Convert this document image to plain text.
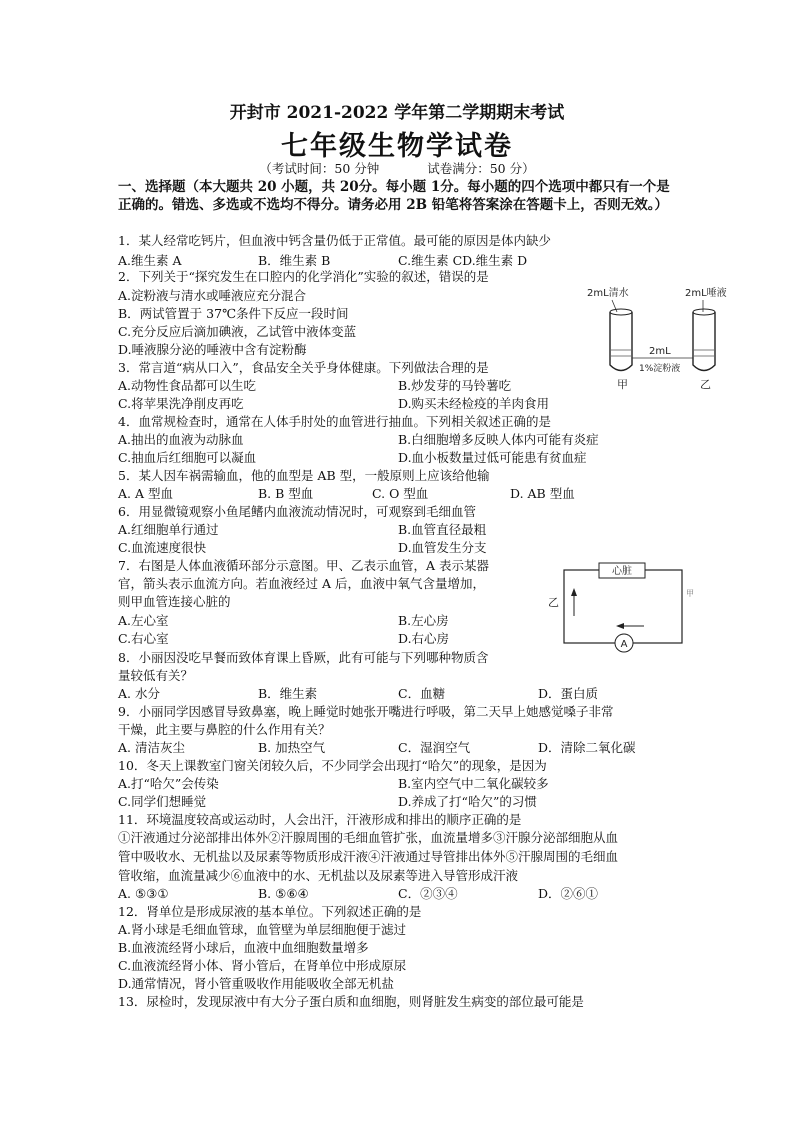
开封市 2021-2022 学年第二学期期末考试
七年级生物学试卷
（考试时间：50 分钟	试卷满分：50 分）
一、选择题（本大题共 20 小题，共 20分。每小题 1分。每小题的四个选项中都只有一个是正确的。错选、多选或不选均不得分。请务必用 2B 铅笔将答案涂在答题卡上，否则无效。）
1．某人经常吃钙片，但血液中钙含量仍低于正常值。最可能的原因是体内缺少
A.维生素 A	B．维生素 B	C.维生素 CD.维生素 D
2．下列关于“探究发生在口腔内的化学消化”实验的叙述，错误的是
A.淀粉液与清水或唾液应充分混合
B．两试管置于 37℃条件下反应一段时间
C.充分反应后滴加碘液，乙试管中液体变蓝
D.唾液腺分泌的唾液中含有淀粉酶
2mL清水	2mL唾液
2mL
1%淀粉液
甲	乙
3．常言道“病从口入”，食品安全关乎身体健康。下列做法合理的是
A.动物性食品都可以生吃	B.炒发芽的马铃薯吃
C.将苹果洗净削皮再吃	D.购买未经检疫的羊肉食用
4．血常规检查时，通常在人体手肘处的血管进行抽血。下列相关叙述正确的是
A.抽出的血液为动脉血	B.白细胞增多反映人体内可能有炎症
C.抽血后红细胞可以凝血	D.血小板数量过低可能患有贫血症
5．某人因车祸需输血，他的血型是 AB 型，一般原则上应该给他输
A. A 型血	B. B 型血	C. O 型血	D. AB 型血
6．用显微镜观察小鱼尾鳍内血液流动情况时，可观察到毛细血管
A.红细胞单行通过	B.血管直径最粗
C.血流速度很快	D.血管发生分支
7．右图是人体血液循环部分示意图。甲、乙表示血管，A 表示某器
官，箭头表示血流方向。若血液经过 A 后，血液中氧气含量增加，
则甲血管连接心脏的
A.左心室	B.左心房
C.右心室	D.右心房
心脏
A
乙
甲
8．小丽因没吃早餐而致体育课上昏厥，此有可能与下列哪种物质含
量较低有关？
A. 水分	B．维生素	C．血糖	D．蛋白质
9．小丽同学因感冒导致鼻塞，晚上睡觉时她张开嘴进行呼吸，第二天早上她感觉嗓子非常
干燥，此主要与鼻腔的什么作用有关？
A. 清洁灰尘	B. 加热空气	C．湿润空气	D．清除二氧化碳
10．冬天上课教室门窗关闭较久后，不少同学会出现打“哈欠”的现象，是因为
A.打“哈欠”会传染	B.室内空气中二氧化碳较多
C.同学们想睡觉	D.养成了打“哈欠”的习惯
11．环境温度较高或运动时，人会出汗，汗液形成和排出的顺序正确的是
①汗液通过分泌部排出体外②汗腺周围的毛细血管扩张，血流量增多③汗腺分泌部细胞从血
管中吸收水、无机盐以及尿素等物质形成汗液④汗液通过导管排出体外⑤汗腺周围的毛细血
管收缩，血流量减少⑥血液中的水、无机盐以及尿素等进入导管形成汗液
A. ⑤③①	B. ⑤⑥④	C．②③④	D．②⑥①
12．肾单位是形成尿液的基本单位。下列叙述正确的是
A.肾小球是毛细血管球，血管壁为单层细胞便于滤过
B.血液流经肾小球后，血液中血细胞数量增多
C.血液流经肾小体、肾小管后，在肾单位中形成原尿
D.通常情况，肾小管重吸收作用能吸收全部无机盐
13．尿检时，发现尿液中有大分子蛋白质和血细胞，则肾脏发生病变的部位最可能是
